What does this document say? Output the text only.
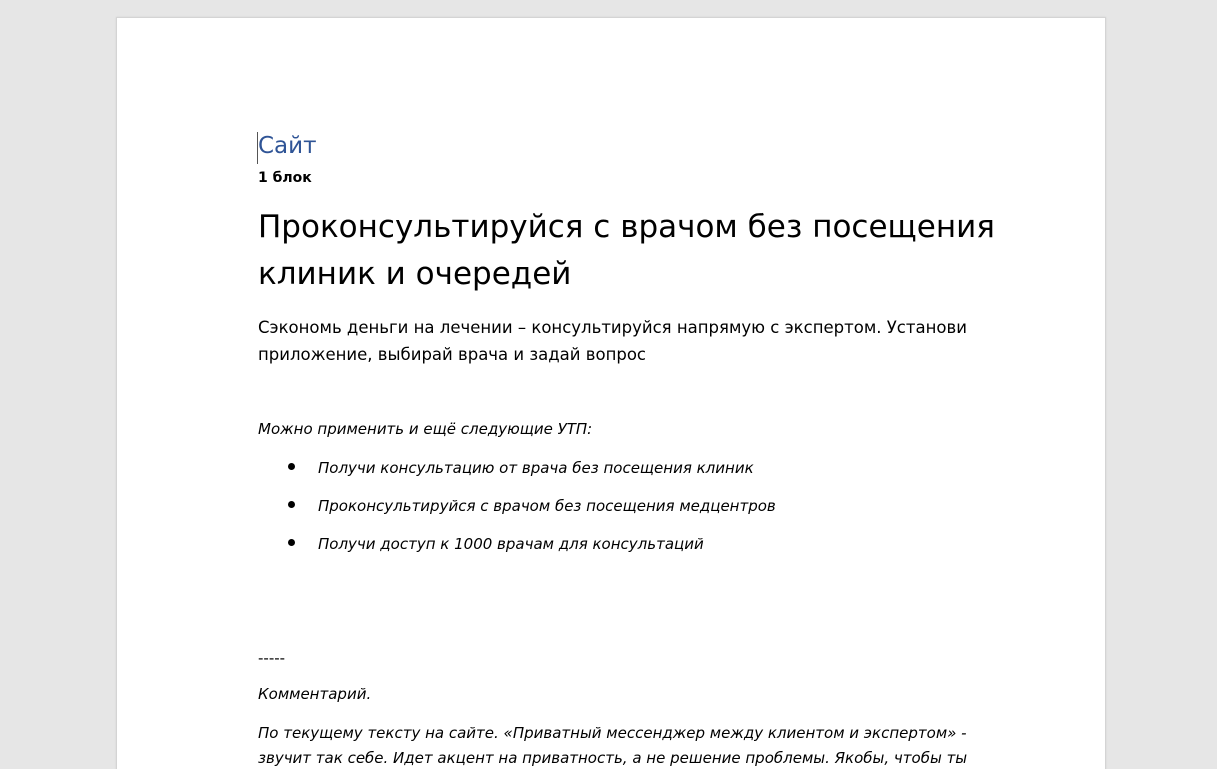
Сайт
1 блок
Проконсультируйся с врачом без посещения клиник и очередей

Сэкономь деньги на лечении – консультируйся напрямую с экспертом. Установи приложение, выбирай врача и задай вопрос

Можно применить и ещё следующие УТП:

Получи консультацию от врача без посещения клиник
Проконсультируйся с врачом без посещения медцентров
Получи доступ к 1000 врачам для консультаций

-----

Комментарий.

По текущему тексту на сайте. «Приватный мессенджер между клиентом и экспертом» - звучит так себе. Идет акцент на приватность, а не решение проблемы. Якобы, чтобы ты
